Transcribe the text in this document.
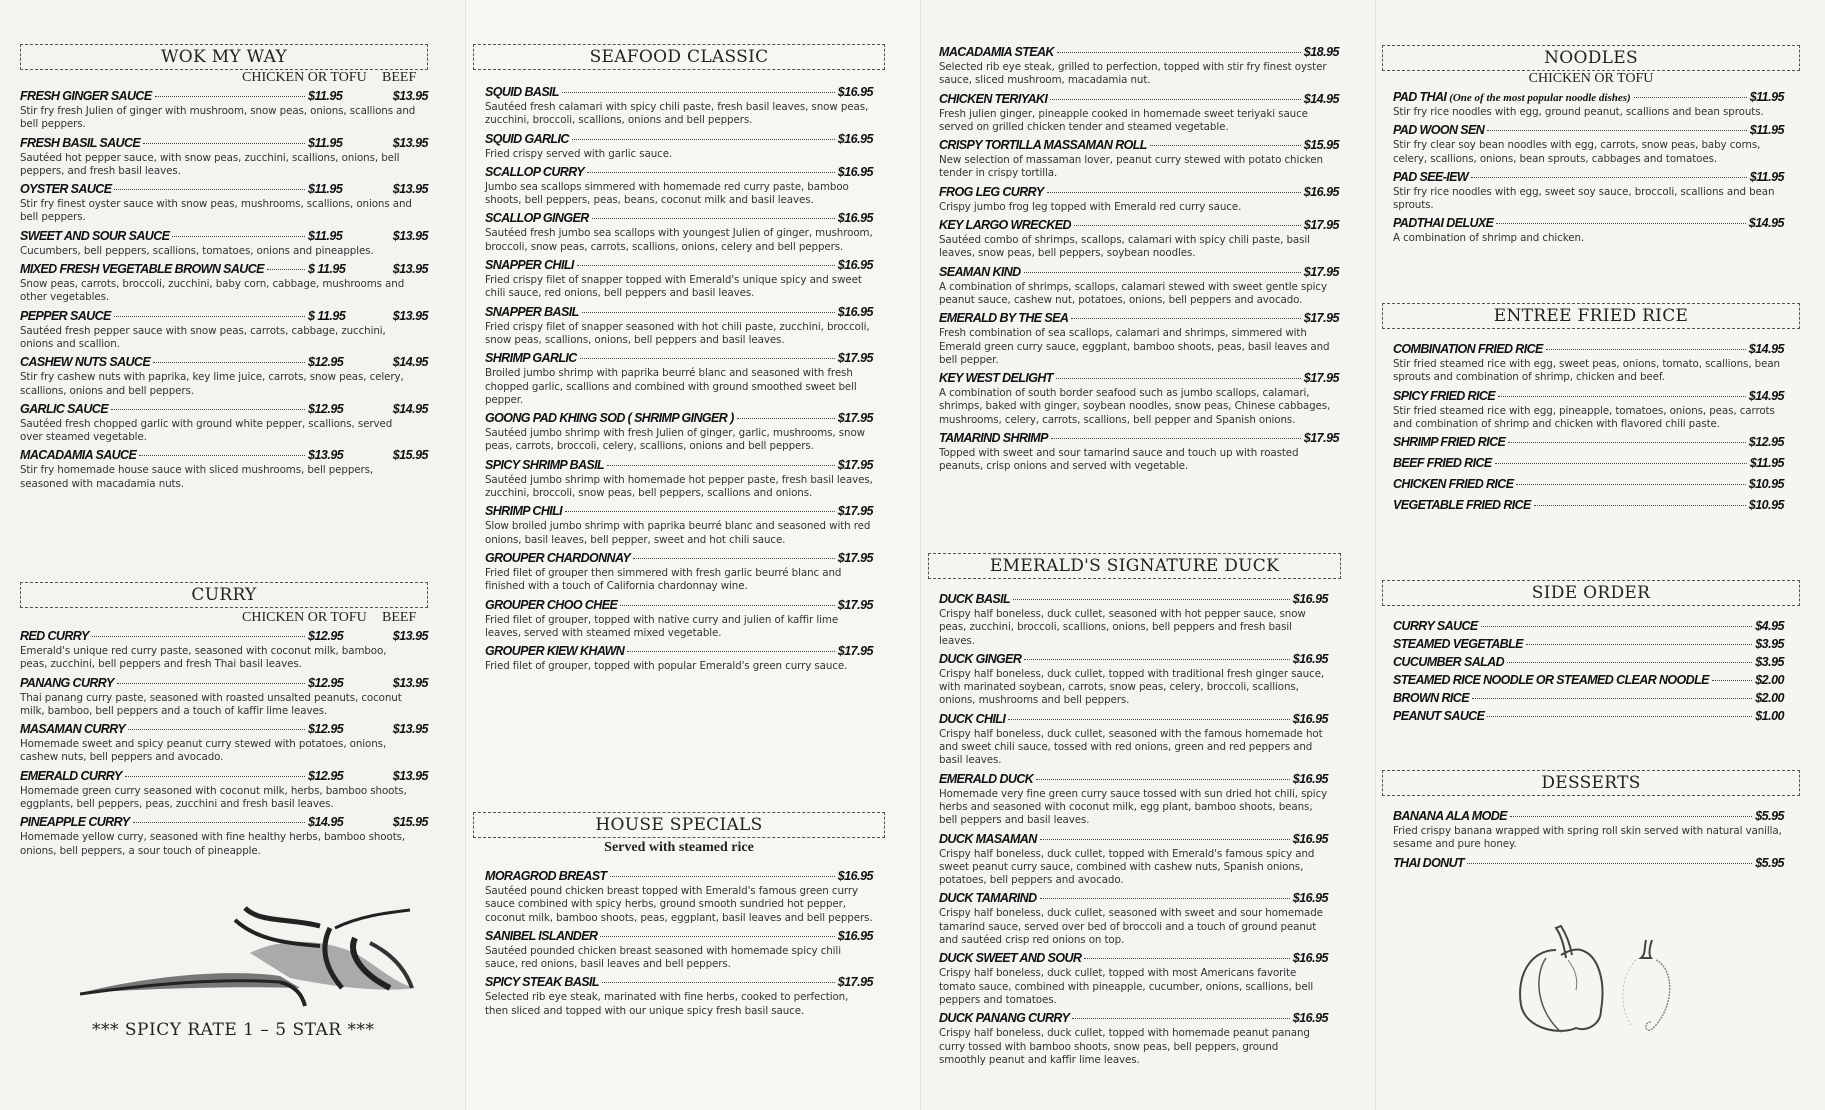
WOK MY WAY
CHICKEN OR TOFU BEEF
FRESH GINGER SAUCE	$11.95	$13.95
Stir fry fresh Julien of ginger with mushroom, snow peas, onions, scallions and bell peppers.
FRESH BASIL SAUCE	$11.95	$13.95
Sautéed hot pepper sauce, with snow peas, zucchini, scallions, onions, bell peppers, and fresh basil leaves.
OYSTER SAUCE	$11.95	$13.95
Stir fry finest oyster sauce with snow peas, mushrooms, scallions, onions and bell peppers.
SWEET AND SOUR SAUCE	$11.95	$13.95
Cucumbers, bell peppers, scallions, tomatoes, onions and pineapples.
MIXED FRESH VEGETABLE BROWN SAUCE	$ 11.95	$13.95
Snow peas, carrots, broccoli, zucchini, baby corn, cabbage, mushrooms and other vegetables.
PEPPER SAUCE	$ 11.95	$13.95
Sautéed fresh pepper sauce with snow peas, carrots, cabbage, zucchini, onions and scallion.
CASHEW NUTS SAUCE	$12.95	$14.95
Stir fry cashew nuts with paprika, key lime juice, carrots, snow peas, celery, scallions, onions and bell peppers.
GARLIC SAUCE	$12.95	$14.95
Sautéed fresh chopped garlic with ground white pepper, scallions, served over steamed vegetable.
MACADAMIA SAUCE	$13.95	$15.95
Stir fry homemade house sauce with sliced mushrooms, bell peppers, seasoned with macadamia nuts.
CURRY
CHICKEN OR TOFU BEEF
RED CURRY	$12.95	$13.95
Emerald's unique red curry paste, seasoned with coconut milk, bamboo, peas, zucchini, bell peppers and fresh Thai basil leaves.
PANANG CURRY	$12.95	$13.95
Thai panang curry paste, seasoned with roasted unsalted peanuts, coconut milk, bamboo, bell peppers and a touch of kaffir lime leaves.
MASAMAN CURRY	$12.95	$13.95
Homemade sweet and spicy peanut curry stewed with potatoes, onions, cashew nuts, bell peppers and avocado.
EMERALD CURRY	$12.95	$13.95
Homemade green curry seasoned with coconut milk, herbs, bamboo shoots, eggplants, bell peppers, peas, zucchini and fresh basil leaves.
PINEAPPLE CURRY	$14.95	$15.95
Homemade yellow curry, seasoned with fine healthy herbs, bamboo shoots, onions, bell peppers, a sour touch of pineapple.
*** SPICY RATE 1 – 5 STAR ***
SEAFOOD CLASSIC
SQUID BASIL	$16.95
Sautéed fresh calamari with spicy chili paste, fresh basil leaves, snow peas, zucchini, broccoli, scallions, onions and bell peppers.
SQUID GARLIC	$16.95
Fried crispy served with garlic sauce.
SCALLOP CURRY	$16.95
Jumbo sea scallops simmered with homemade red curry paste, bamboo shoots, bell peppers, peas, beans, coconut milk and basil leaves.
SCALLOP GINGER	$16.95
Sautéed fresh jumbo sea scallops with youngest Julien of ginger, mushroom, broccoli, snow peas, carrots, scallions, onions, celery and bell peppers.
SNAPPER CHILI	$16.95
Fried crispy filet of snapper topped with Emerald's unique spicy and sweet chili sauce, red onions, bell peppers and basil leaves.
SNAPPER BASIL	$16.95
Fried crispy filet of snapper seasoned with hot chili paste, zucchini, broccoli, snow peas, scallions, onions, bell peppers and basil leaves.
SHRIMP GARLIC	$17.95
Broiled jumbo shrimp with paprika beurré blanc and seasoned with fresh chopped garlic, scallions and combined with ground smoothed sweet bell pepper.
GOONG PAD KHING SOD ( SHRIMP GINGER )	$17.95
Sautéed jumbo shrimp with fresh Julien of ginger, garlic, mushrooms, snow peas, carrots, broccoli, celery, scallions, onions and bell peppers.
SPICY SHRIMP BASIL	$17.95
Sautéed jumbo shrimp with homemade hot pepper paste, fresh basil leaves, zucchini, broccoli, snow peas, bell peppers, scallions and onions.
SHRIMP CHILI	$17.95
Slow broiled jumbo shrimp with paprika beurré blanc and seasoned with red onions, basil leaves, bell pepper, sweet and hot chili sauce.
GROUPER CHARDONNAY	$17.95
Fried filet of grouper then simmered with fresh garlic beurré blanc and finished with a touch of California chardonnay wine.
GROUPER CHOO CHEE	$17.95
Fried filet of grouper, topped with native curry and julien of kaffir lime leaves, served with steamed mixed vegetable.
GROUPER KIEW KHAWN	$17.95
Fried filet of grouper, topped with popular Emerald's green curry sauce.
HOUSE SPECIALS
Served with steamed rice
MORAGROD BREAST	$16.95
Sautéed pound chicken breast topped with Emerald's famous green curry sauce combined with spicy herbs, ground smooth sundried hot pepper, coconut milk, bamboo shoots, peas, eggplant, basil leaves and bell peppers.
SANIBEL ISLANDER	$16.95
Sautéed pounded chicken breast seasoned with homemade spicy chili sauce, red onions, basil leaves and bell peppers.
SPICY STEAK BASIL	$17.95
Selected rib eye steak, marinated with fine herbs, cooked to perfection, then sliced and topped with our unique spicy fresh basil sauce.
MACADAMIA STEAK	$18.95
Selected rib eye steak, grilled to perfection, topped with stir fry finest oyster sauce, sliced mushroom, macadamia nut.
CHICKEN TERIYAKI	$14.95
Fresh julien ginger, pineapple cooked in homemade sweet teriyaki sauce served on grilled chicken tender and steamed vegetable.
CRISPY TORTILLA MASSAMAN ROLL	$15.95
New selection of massaman lover, peanut curry stewed with potato chicken tender in crispy tortilla.
FROG LEG CURRY	$16.95
Crispy jumbo frog leg topped with Emerald red curry sauce.
KEY LARGO WRECKED	$17.95
Sautéed combo of shrimps, scallops, calamari with spicy chili paste, basil leaves, snow peas, bell peppers, soybean noodles.
SEAMAN KIND	$17.95
A combination of shrimps, scallops, calamari stewed with sweet gentle spicy peanut sauce, cashew nut, potatoes, onions, bell peppers and avocado.
EMERALD BY THE SEA	$17.95
Fresh combination of sea scallops, calamari and shrimps, simmered with Emerald green curry sauce, eggplant, bamboo shoots, peas, basil leaves and bell pepper.
KEY WEST DELIGHT	$17.95
A combination of south border seafood such as jumbo scallops, calamari, shrimps, baked with ginger, soybean noodles, snow peas, Chinese cabbages, mushrooms, celery, carrots, scallions, bell pepper and Spanish onions.
TAMARIND SHRIMP	$17.95
Topped with sweet and sour tamarind sauce and touch up with roasted peanuts, crisp onions and served with vegetable.
EMERALD'S SIGNATURE DUCK
DUCK BASIL	$16.95
Crispy half boneless, duck cullet, seasoned with hot pepper sauce, snow peas, zucchini, broccoli, scallions, onions, bell peppers and fresh basil leaves.
DUCK GINGER	$16.95
Crispy half boneless, duck cullet, topped with traditional fresh ginger sauce, with marinated soybean, carrots, snow peas, celery, broccoli, scallions, onions, mushrooms and bell peppers.
DUCK CHILI	$16.95
Crispy half boneless, duck cullet, seasoned with the famous homemade hot and sweet chili sauce, tossed with red onions, green and red peppers and basil leaves.
EMERALD DUCK	$16.95
Homemade very fine green curry sauce tossed with sun dried hot chili, spicy herbs and seasoned with coconut milk, egg plant, bamboo shoots, beans, bell peppers and basil leaves.
DUCK MASAMAN	$16.95
Crispy half boneless, duck cullet, topped with Emerald's famous spicy and sweet peanut curry sauce, combined with cashew nuts, Spanish onions, potatoes, bell peppers and avocado.
DUCK TAMARIND	$16.95
Crispy half boneless, duck cullet, seasoned with sweet and sour homemade tamarind sauce, served over bed of broccoli and a touch of ground peanut and sautéed crisp red onions on top.
DUCK SWEET AND SOUR	$16.95
Crispy half boneless, duck cullet, topped with most Americans favorite tomato sauce, combined with pineapple, cucumber, onions, scallions, bell peppers and tomatoes.
DUCK PANANG CURRY	$16.95
Crispy half boneless, duck cullet, topped with homemade peanut panang curry tossed with bamboo shoots, snow peas, bell peppers, ground smoothly peanut and kaffir lime leaves.
NOODLES
CHICKEN OR TOFU
PAD THAI (One of the most popular noodle dishes)	$11.95
Stir fry rice noodles with egg, ground peanut, scallions and bean sprouts.
PAD WOON SEN	$11.95
Stir fry clear soy bean noodles with egg, carrots, snow peas, baby corns, celery, scallions, onions, bean sprouts, cabbages and tomatoes.
PAD SEE-IEW	$11.95
Stir fry rice noodles with egg, sweet soy sauce, broccoli, scallions and bean sprouts.
PADTHAI DELUXE	$14.95
A combination of shrimp and chicken.
ENTREE FRIED RICE
COMBINATION FRIED RICE	$14.95
Stir fried steamed rice with egg, sweet peas, onions, tomato, scallions, bean sprouts and combination of shrimp, chicken and beef.
SPICY FRIED RICE	$14.95
Stir fried steamed rice with egg, pineapple, tomatoes, onions, peas, carrots and combination of shrimp and chicken with flavored chili paste.
SHRIMP FRIED RICE	$12.95
BEEF FRIED RICE	$11.95
CHICKEN FRIED RICE	$10.95
VEGETABLE FRIED RICE	$10.95
SIDE ORDER
CURRY SAUCE	$4.95
STEAMED VEGETABLE	$3.95
CUCUMBER SALAD	$3.95
STEAMED RICE NOODLE OR STEAMED CLEAR NOODLE	$2.00
BROWN RICE	$2.00
PEANUT SAUCE	$1.00
DESSERTS
BANANA ALA MODE	$5.95
Fried crispy banana wrapped with spring roll skin served with natural vanilla, sesame and pure honey.
THAI DONUT	$5.95
